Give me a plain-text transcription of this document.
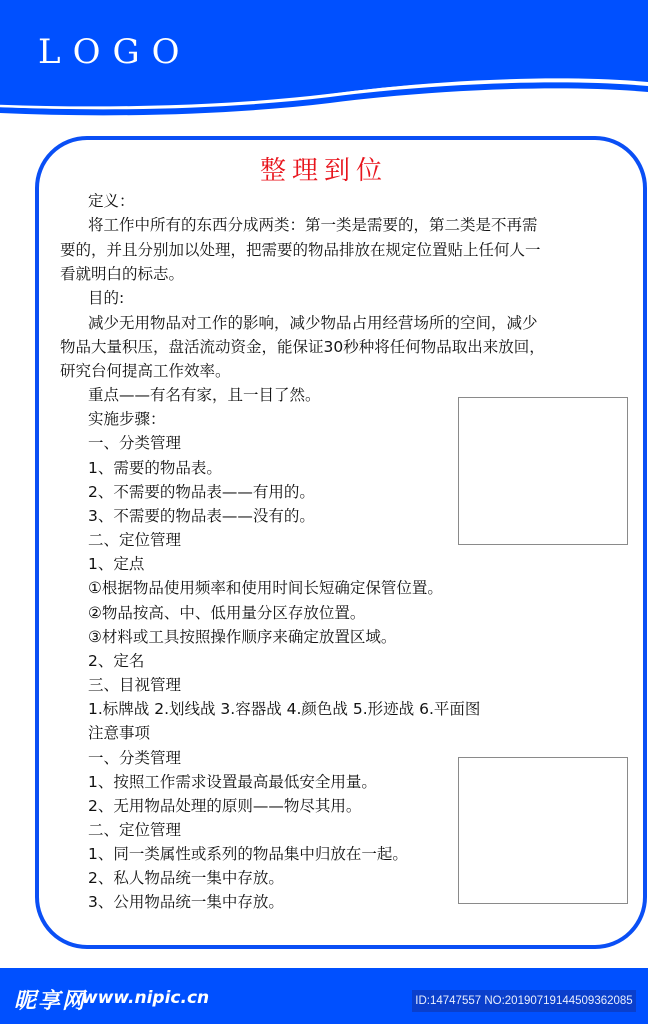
LOGO
整理到位
定义：
将工作中所有的东西分成两类：第一类是需要的，第二类是不再需
要的，并且分别加以处理，把需要的物品排放在规定位置贴上任何人一
看就明白的标志。
目的:
减少无用物品对工作的影响，减少物品占用经营场所的空间，减少
物品大量积压，盘活流动资金，能保证30秒种将任何物品取出来放回，
研究台何提高工作效率。
重点——有名有家，且一目了然。
实施步骤：
一、分类管理
1、需要的物品表。
2、不需要的物品表——有用的。
3、不需要的物品表——没有的。
二、定位管理
1、定点
①根据物品使用频率和使用时间长短确定保管位置。
②物品按高、中、低用量分区存放位置。
③材料或工具按照操作顺序来确定放置区域。
2、定名
三、目视管理
1.标牌战 2.划线战 3.容器战 4.颜色战 5.形迹战 6.平面图
注意事项
一、分类管理
1、按照工作需求设置最高最低安全用量。
2、无用物品处理的原则——物尽其用。
二、定位管理
1、同一类属性或系列的物品集中归放在一起。
2、私人物品统一集中存放。
3、公用物品统一集中存放。
昵享网
www.nipic.cn	ID:14747557 NO:20190719144509362085
